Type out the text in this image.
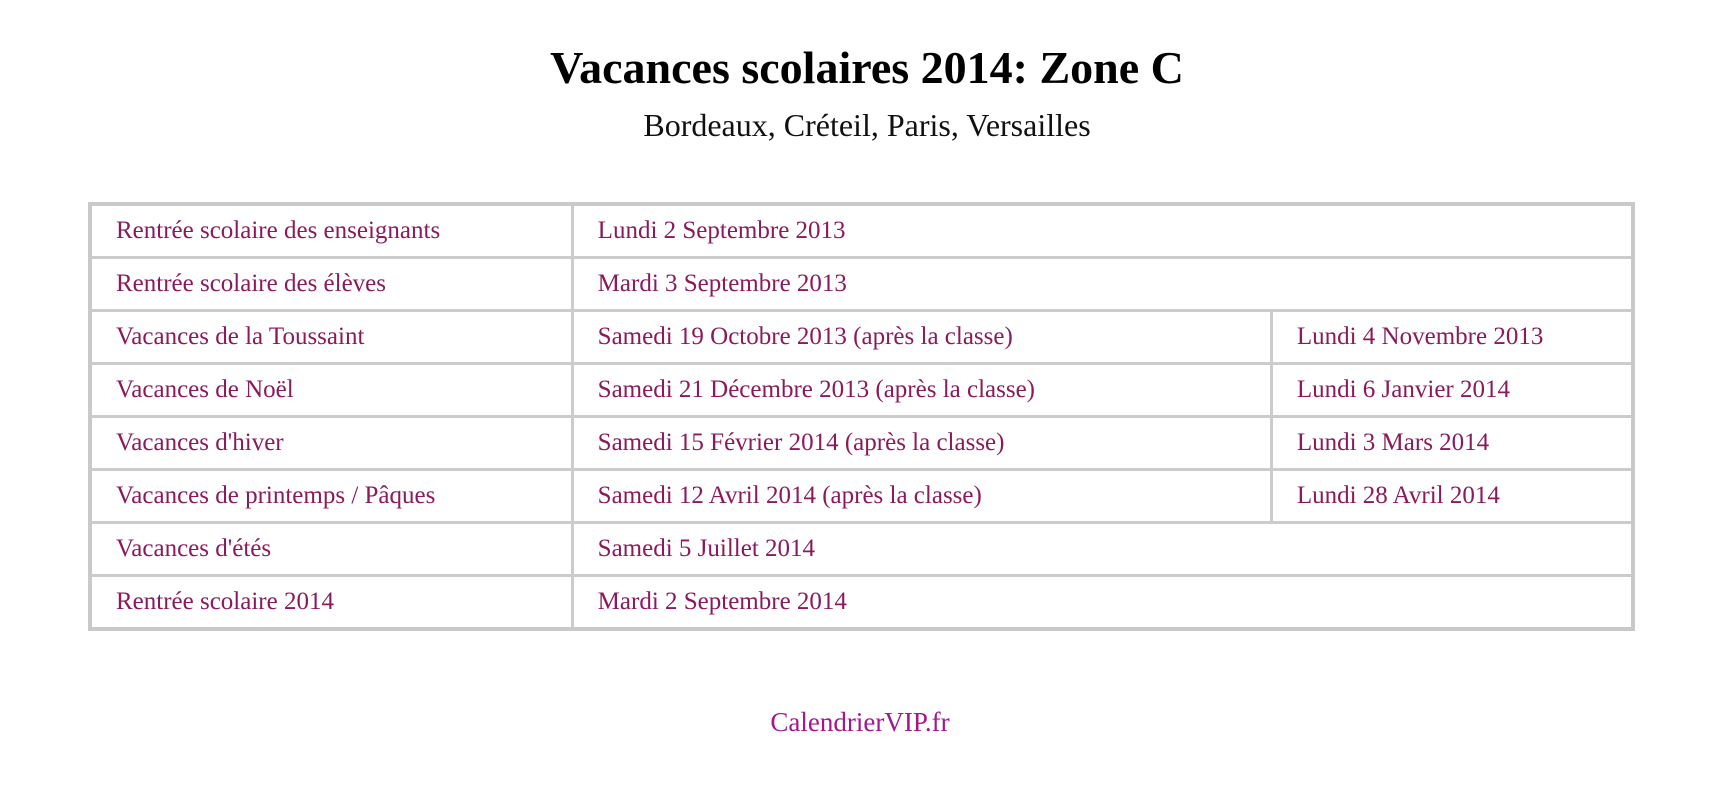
Vacances scolaires 2014: Zone C
Bordeaux, Créteil, Paris, Versailles
Rentrée scolaire des enseignants	Lundi 2 Septembre 2013	
Rentrée scolaire des élèves	Mardi 3 Septembre 2013	
Vacances de la Toussaint	Samedi 19 Octobre 2013 (après la classe)	Lundi 4 Novembre 2013
Vacances de Noël	Samedi 21 Décembre 2013 (après la classe)	Lundi 6 Janvier 2014
Vacances d'hiver	Samedi 15 Février 2014 (après la classe)	Lundi 3 Mars 2014
Vacances de printemps / Pâques	Samedi 12 Avril 2014 (après la classe)	Lundi 28 Avril 2014
Vacances d'étés	Samedi 5 Juillet 2014	
Rentrée scolaire 2014	Mardi 2 Septembre 2014	
CalendrierVIP.fr
